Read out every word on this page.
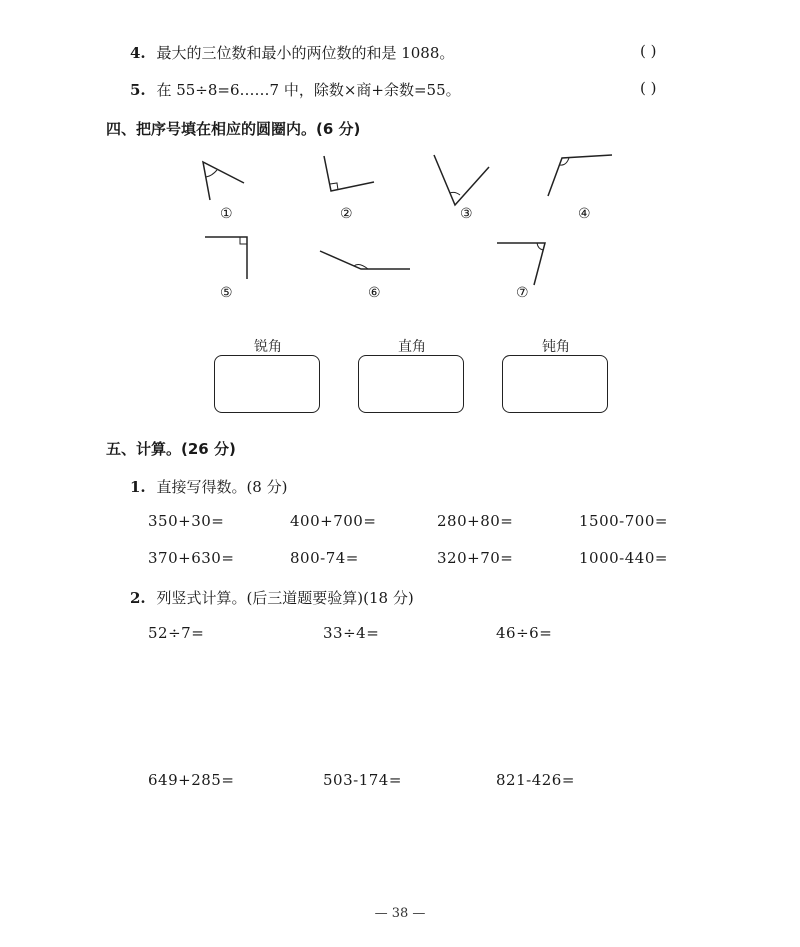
4. 最大的三位数和最小的两位数的和是 1088。	( )
5. 在 55÷8=6……7 中，除数×商+余数=55。	( )
四、把序号填在相应的圆圈内。(6 分)
①	②	③	④
⑤	⑥	⑦
锐角	直角	钝角
五、计算。(26 分)
1. 直接写得数。(8 分)
350+30=	400+700=	280+80=	1500-700=
370+630=	800-74=	320+70=	1000-440=
2. 列竖式计算。(后三道题要验算)(18 分)
52÷7=	33÷4=	46÷6=
649+285=	503-174=	821-426=
— 38 —
